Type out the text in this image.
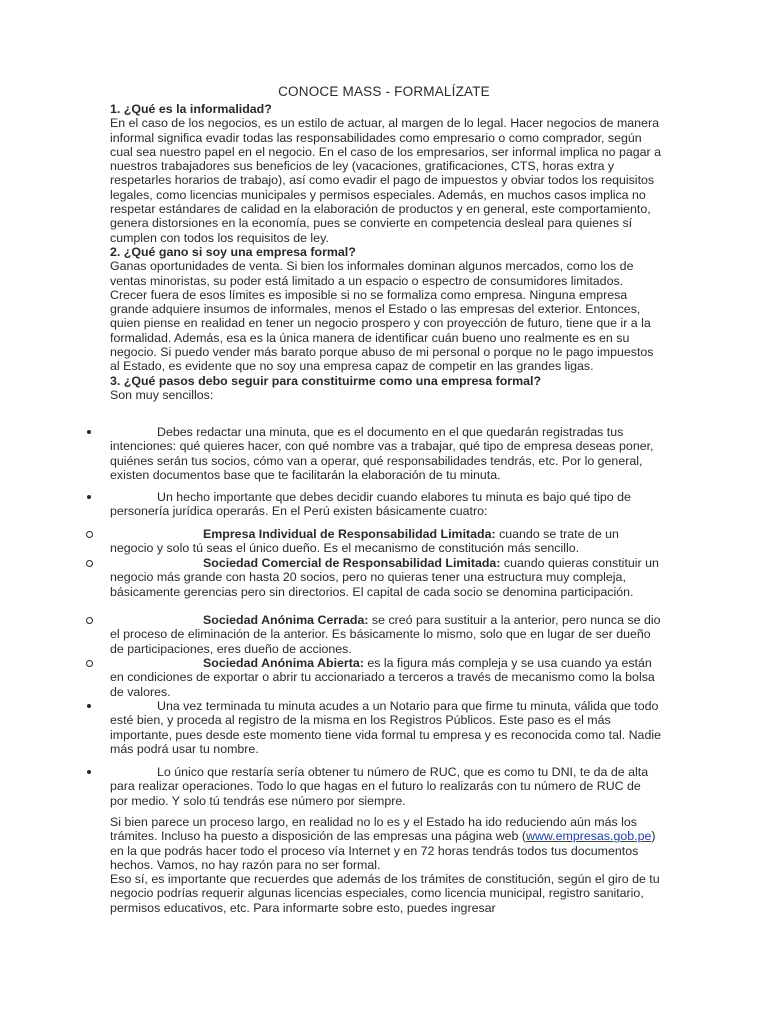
CONOCE MASS - FORMALÍZATE

1. ¿Qué es la informalidad?

En el caso de los negocios, es un estilo de actuar, al margen de lo legal. Hacer negocios de manera informal significa evadir todas las responsabilidades como empresario o como comprador, según cual sea nuestro papel en el negocio. En el caso de los empresarios, ser informal implica no pagar a nuestros trabajadores sus beneficios de ley (vacaciones, gratificaciones, CTS, horas extra y respetarles horarios de trabajo), así como evadir el pago de impuestos y obviar todos los requisitos legales, como licencias municipales y permisos especiales. Además, en muchos casos implica no respetar estándares de calidad en la elaboración de productos y en general, este comportamiento, genera distorsiones en la economía, pues se convierte en competencia desleal para quienes sí cumplen con todos los requisitos de ley.

2. ¿Qué gano si soy una empresa formal?

Ganas oportunidades de venta. Si bien los informales dominan algunos mercados, como los de ventas minoristas, su poder está limitado a un espacio o espectro de consumidores limitados. Crecer fuera de esos límites es imposible si no se formaliza como empresa. Ninguna empresa grande adquiere insumos de informales, menos el Estado o las empresas del exterior. Entonces, quien piense en realidad en tener un negocio prospero y con proyección de futuro, tiene que ir a la formalidad. Además, esa es la única manera de identificar cuán bueno uno realmente es en su negocio. Si puedo vender más barato porque abuso de mi personal o porque no le pago impuestos al Estado, es evidente que no soy una empresa capaz de competir en las grandes ligas.

3. ¿Qué pasos debo seguir para constituirme como una empresa formal?

Son muy sencillos:

Debes redactar una minuta, que es el documento en el que quedarán registradas tus intenciones: qué quieres hacer, con qué nombre vas a trabajar, qué tipo de empresa deseas poner, quiénes serán tus socios, cómo van a operar, qué responsabilidades tendrás, etc. Por lo general, existen documentos base que te facilitarán la elaboración de tu minuta.

Un hecho importante que debes decidir cuando elabores tu minuta es bajo qué tipo de personería jurídica operarás. En el Perú existen básicamente cuatro:

Empresa Individual de Responsabilidad Limitada: cuando se trate de un negocio y solo tú seas el único dueño. Es el mecanismo de constitución más sencillo.

Sociedad Comercial de Responsabilidad Limitada: cuando quieras constituir un negocio más grande con hasta 20 socios, pero no quieras tener una estructura muy compleja, básicamente gerencias pero sin directorios. El capital de cada socio se denomina participación.

Sociedad Anónima Cerrada: se creó para sustituir a la anterior, pero nunca se dio el proceso de eliminación de la anterior. Es básicamente lo mismo, solo que en lugar de ser dueño de participaciones, eres dueño de acciones.

Sociedad Anónima Abierta: es la figura más compleja y se usa cuando ya están en condiciones de exportar o abrir tu accionariado a terceros a través de mecanismo como la bolsa de valores.

Una vez terminada tu minuta acudes a un Notario para que firme tu minuta, válida que todo esté bien, y proceda al registro de la misma en los Registros Públicos. Este paso es el más importante, pues desde este momento tiene vida formal tu empresa y es reconocida como tal. Nadie más podrá usar tu nombre.

Lo único que restaría sería obtener tu número de RUC, que es como tu DNI, te da de alta para realizar operaciones. Todo lo que hagas en el futuro lo realizarás con tu número de RUC de por medio. Y solo tú tendrás ese número por siempre.

Si bien parece un proceso largo, en realidad no lo es y el Estado ha ido reduciendo aún más los trámites. Incluso ha puesto a disposición de las empresas una página web (www.empresas.gob.pe) en la que podrás hacer todo el proceso vía Internet y en 72 horas tendrás todos tus documentos hechos. Vamos, no hay razón para no ser formal.

Eso sí, es importante que recuerdes que además de los trámites de constitución, según el giro de tu negocio podrías requerir algunas licencias especiales, como licencia municipal, registro sanitario, permisos educativos, etc. Para informarte sobre esto, puedes ingresar
